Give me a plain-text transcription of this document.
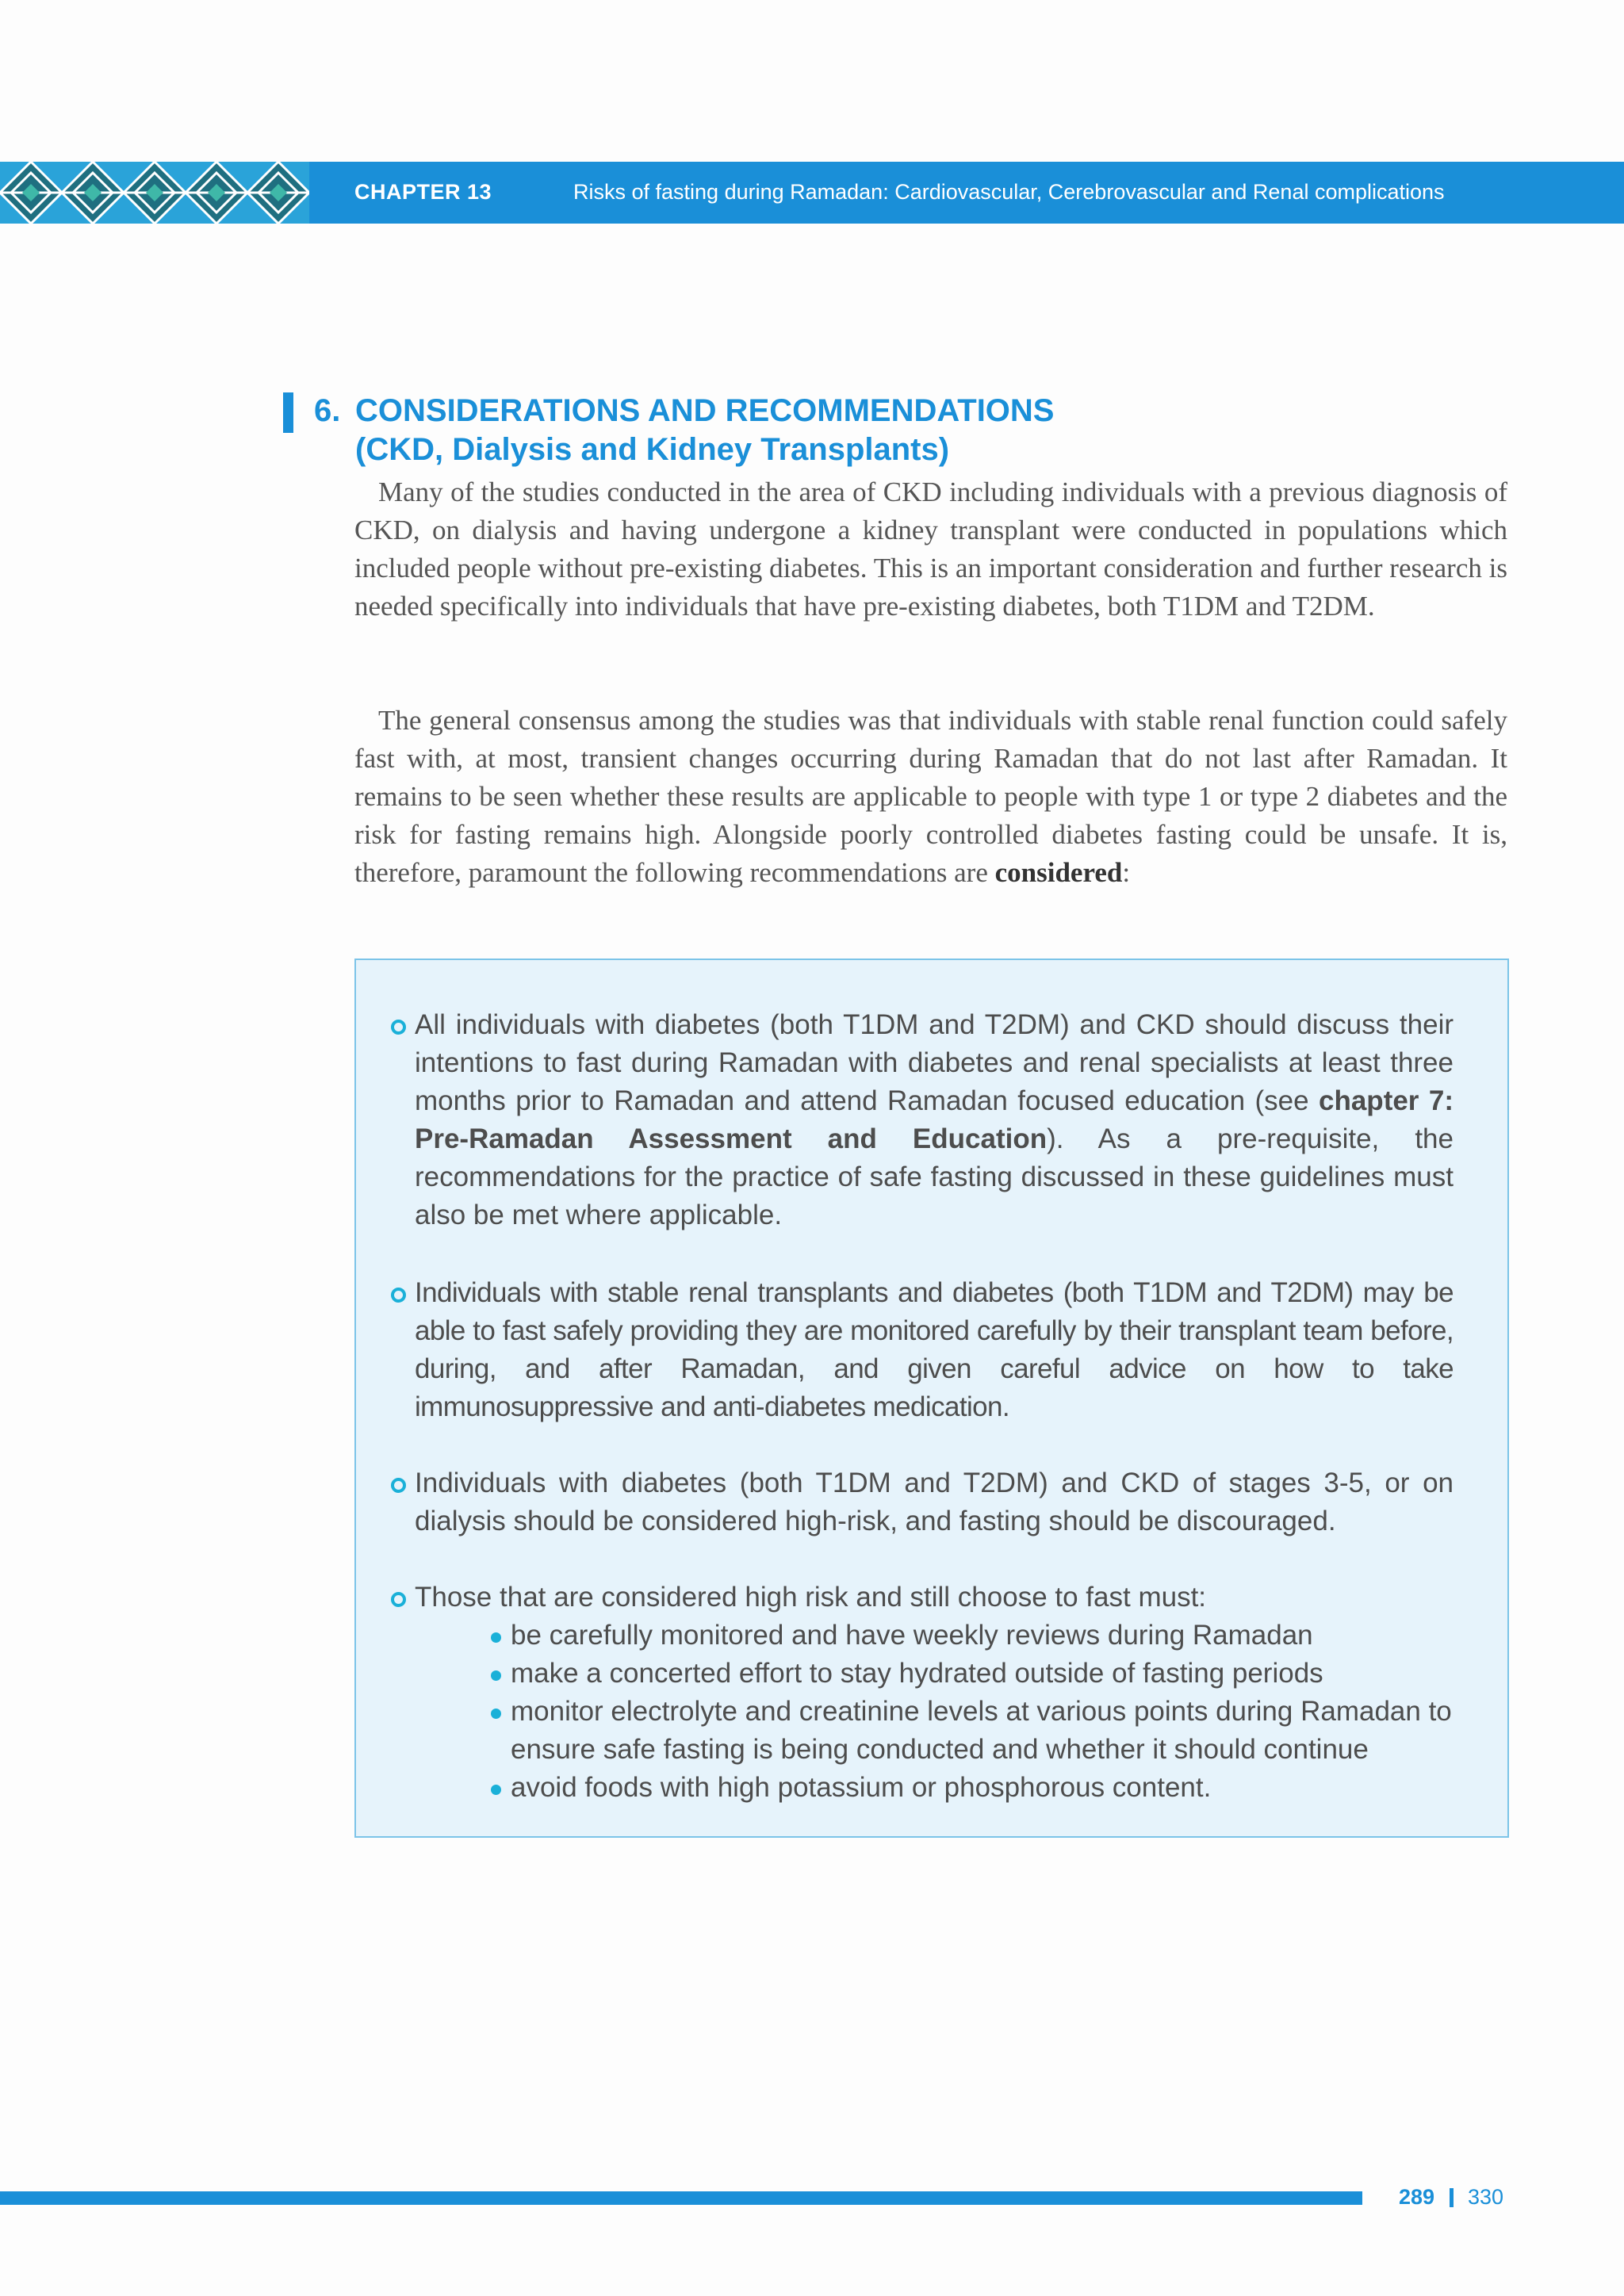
CHAPTER 13	Risks of fasting during Ramadan: Cardiovascular, Cerebrovascular and Renal complications
6. CONSIDERATIONS AND RECOMMENDATIONS
(CKD, Dialysis and Kidney Transplants)

Many of the studies conducted in the area of CKD including individuals with a previous diagnosis of CKD, on dialysis and having undergone a kidney transplant were conducted in populations which included people without pre-existing diabetes. This is an important consideration and further research is needed specifically into individuals that have pre-existing diabetes, both T1DM and T2DM.

The general consensus among the studies was that individuals with stable renal function could safely fast with, at most, transient changes occurring during Ramadan that do not last after Ramadan. It remains to be seen whether these results are applicable to people with type 1 or type 2 diabetes and the risk for fasting remains high. Alongside poorly controlled diabetes fasting could be unsafe. It is, therefore, paramount the following recommendations are considered:

All individuals with diabetes (both T1DM and T2DM) and CKD should discuss their intentions to fast during Ramadan with diabetes and renal specialists at least three months prior to Ramadan and attend Ramadan focused education (see chapter 7: Pre-Ramadan Assessment and Education). As a pre-requisite, the recommendations for the practice of safe fasting discussed in these guidelines must also be met where applicable.
Individuals with stable renal transplants and diabetes (both T1DM and T2DM) may be able to fast safely providing they are monitored carefully by their transplant team before, during, and after Ramadan, and given careful advice on how to take immunosuppressive and anti-diabetes medication.
Individuals with diabetes (both T1DM and T2DM) and CKD of stages 3-5, or on dialysis should be considered high-risk, and fasting should be discouraged.
Those that are considered high risk and still choose to fast must:
be carefully monitored and have weekly reviews during Ramadan
make a concerted effort to stay hydrated outside of fasting periods
monitor electrolyte and creatinine levels at various points during Ramadan to ensure safe fasting is being conducted and whether it should continue
avoid foods with high potassium or phosphorous content.
289 330
